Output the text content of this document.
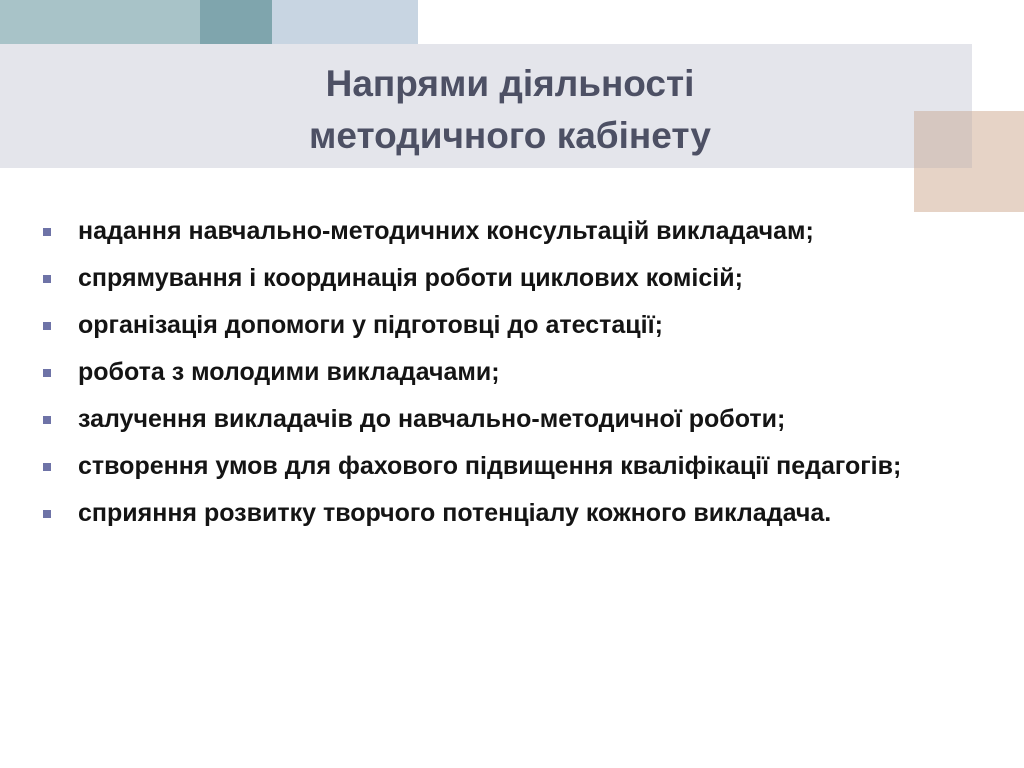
Напрями діяльності
методичного кабінету
надання навчально-методичних консультацій викладачам;
спрямування і координація роботи циклових комісій;
організація допомоги у підготовці до атестації;
робота з молодими викладачами;
залучення викладачів до навчально-методичної роботи;
створення умов для фахового підвищення кваліфікації педагогів;
сприяння розвитку творчого потенціалу кожного викладача.
